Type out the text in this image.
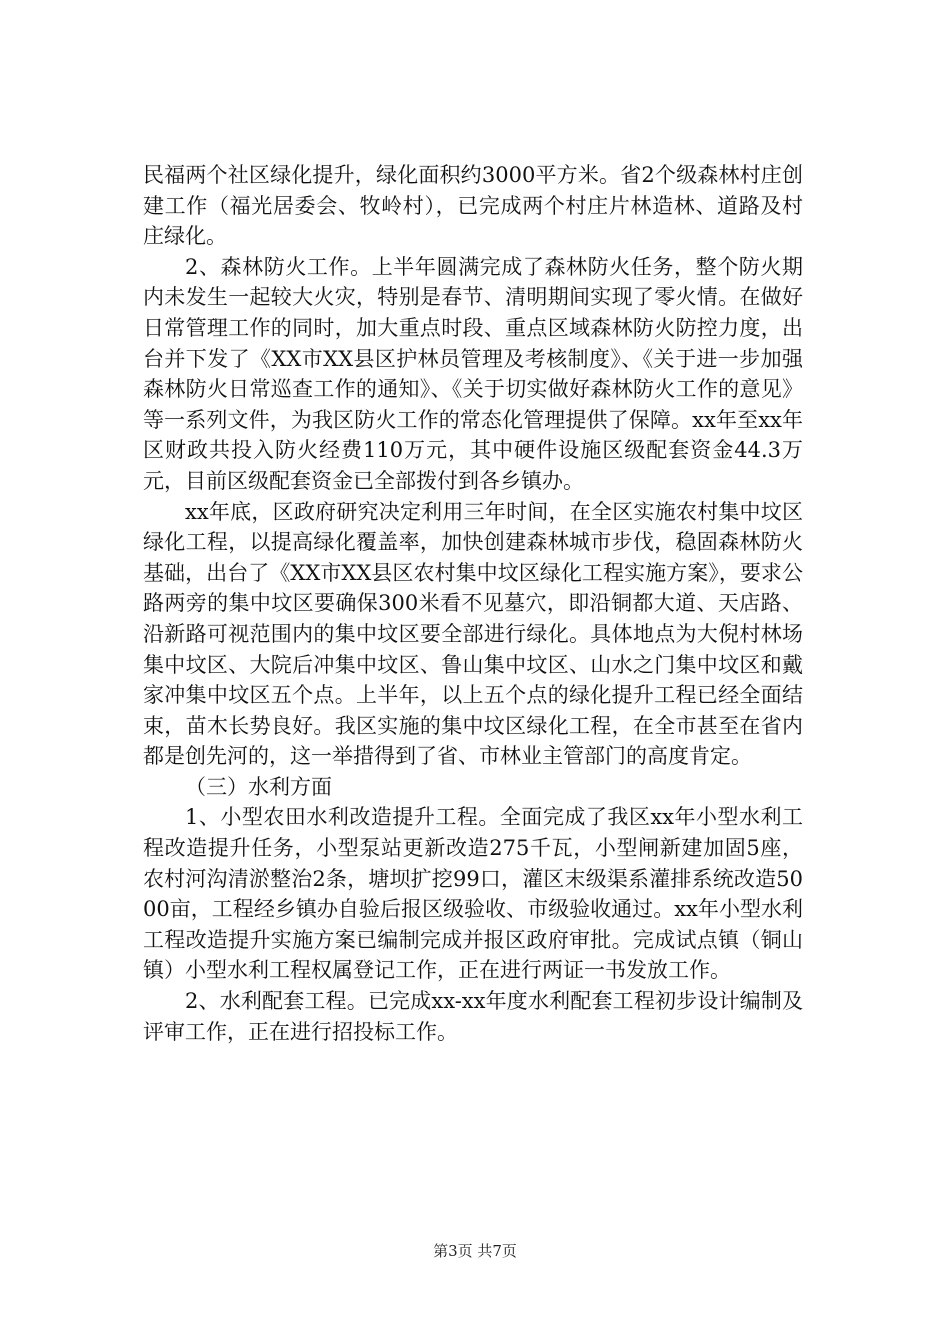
民福两个社区绿化提升，绿化面积约3000平方米。省2个级森林村庄创建工作（福光居委会、牧岭村），已完成两个村庄片林造林、道路及村庄绿化。

2、森林防火工作。上半年圆满完成了森林防火任务，整个防火期内未发生一起较大火灾，特别是春节、清明期间实现了零火情。在做好日常管理工作的同时，加大重点时段、重点区域森林防火防控力度，出台并下发了《XX市XX县区护林员管理及考核制度》、《关于进一步加强森林防火日常巡查工作的通知》、《关于切实做好森林防火工作的意见》等一系列文件，为我区防火工作的常态化管理提供了保障。xx年至xx年区财政共投入防火经费110万元，其中硬件设施区级配套资金44.3万元，目前区级配套资金已全部拨付到各乡镇办。

xx年底，区政府研究决定利用三年时间，在全区实施农村集中坟区绿化工程，以提高绿化覆盖率，加快创建森林城市步伐，稳固森林防火基础，出台了《XX市XX县区农村集中坟区绿化工程实施方案》，要求公路两旁的集中坟区要确保300米看不见墓穴，即沿铜都大道、天店路、沿新路可视范围内的集中坟区要全部进行绿化。具体地点为大倪村林场集中坟区、大院后冲集中坟区、鲁山集中坟区、山水之门集中坟区和戴家冲集中坟区五个点。上半年，以上五个点的绿化提升工程已经全面结束，苗木长势良好。我区实施的集中坟区绿化工程，在全市甚至在省内都是创先河的，这一举措得到了省、市林业主管部门的高度肯定。

（三）水利方面

1、小型农田水利改造提升工程。全面完成了我区xx年小型水利工程改造提升任务，小型泵站更新改造275千瓦，小型闸新建加固5座，农村河沟清淤整治2条，塘坝扩挖99口，灌区末级渠系灌排系统改造5000亩，工程经乡镇办自验后报区级验收、市级验收通过。xx年小型水利工程改造提升实施方案已编制完成并报区政府审批。完成试点镇（铜山镇）小型水利工程权属登记工作，正在进行两证一书发放工作。

2、水利配套工程。已完成xx-xx年度水利配套工程初步设计编制及评审工作，正在进行招投标工作。

第3页 共7页
